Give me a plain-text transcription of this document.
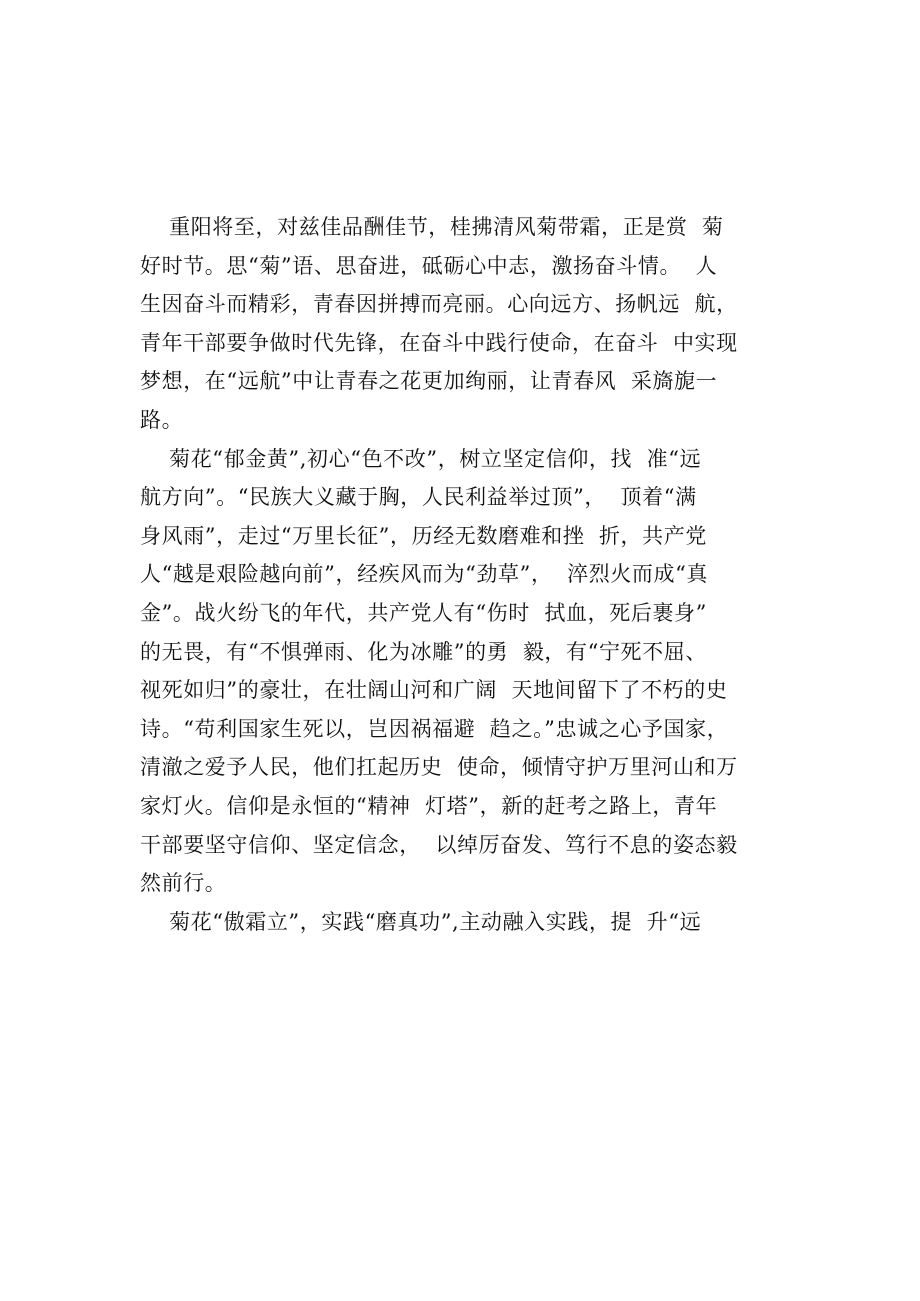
重阳将至，对兹佳品酬佳节，桂拂清风菊带霜，正是赏  菊
好时节。思“菊”语、思奋进，砥砺心中志，激扬奋斗情。  人
生因奋斗而精彩，青春因拼搏而亮丽。心向远方、扬帆远  航，
青年干部要争做时代先锋，在奋斗中践行使命，在奋斗  中实现
梦想，在“远航”中让青春之花更加绚丽，让青春风  采旖旎一
路。
菊花“郁金黄”,初心“色不改”，树立坚定信仰，找  准“远
航方向”。“民族大义藏于胸，人民利益举过顶”，  顶着“满
身风雨”，走过“万里长征”，历经无数磨难和挫  折，共产党
人“越是艰险越向前”，经疾风而为“劲草”，  淬烈火而成“真
金”。战火纷飞的年代，共产党人有“伤时  拭血，死后裹身”
的无畏，有“不惧弹雨、化为冰雕”的勇  毅，有“宁死不屈、
视死如归”的豪壮，在壮阔山河和广阔  天地间留下了不朽的史
诗。“苟利国家生死以，岂因祸福避  趋之。”忠诚之心予国家，
清澈之爱予人民，他们扛起历史  使命，倾情守护万里河山和万
家灯火。信仰是永恒的“精神  灯塔”，新的赶考之路上，青年
干部要坚守信仰、坚定信念，  以绰厉奋发、笃行不息的姿态毅
然前行。
菊花“傲霜立”，实践“磨真功”,主动融入实践，提  升“远
